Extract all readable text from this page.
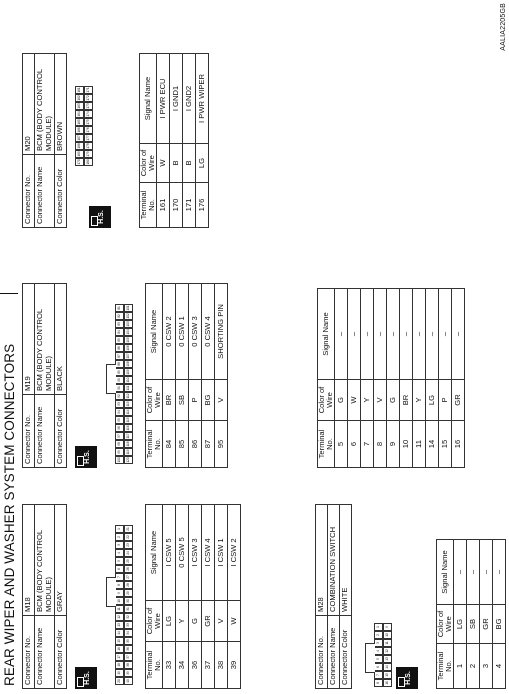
REAR WIPER AND WASHER SYSTEM CONNECTORS Connector No.	M18
Connector Name	BCM (BODY CONTROL MODULE)
Connector Color	GRAY
H.S.	20
19
18
17
16
15
14
13
12
11
10
9
8
7
6
5
4
3
2
1
40
39
38
37
36
35
34
33
32
31
30
29
28
27
26
25
24
23
22
21
Terminal No.	Color of Wire	Signal Name
33	LG	I CSW 5
34	Y	0 CSW 5
36	G	I CSW 3
37	GR	I CSW 4
38	V	I CSW 1
39	W	I CSW 2
Connector No.	M19
Connector Name	BCM (BODY CONTROL MODULE)
Connector Color	BLACK
H.S.	100
99
98
97
96
95
94
93
92
91
90
89
88
87
86
85
84
83
82
81
120
119
118
117
116
115
114
113
112
111
110
109
108
107
106
105
104
103
102
101
Terminal No.	Color of Wire	Signal Name
84	BR	0 CSW 2
85	SB	0 CSW 1
86	P	0 CSW 3
87	BG	0 CSW 4
95	V	SHORTING PIN
Connector No.	M20
Connector Name	BCM (BODY CONTROL MODULE)
Connector Color	BROWN
H.S.
170
169
168
167
166
165
164
163
162
161
180
179
178
177
176
175
174
173
172
171
Terminal No.	Color of Wire	Signal Name
161	W	I PWR ECU
170	B	I GND1
171	B	I GND2
176	LG	I PWR WIPER
Connector No.	M28
Connector Name	COMBINATION SWITCH
Connector Color	WHITE
H.S.
8
7
6
5
4
3
2
1
16
15
14
13
12
11
10
9
Terminal No.	Color of Wire	Signal Name
1	LG	–
2	SB	–
3	GR	–
4	BG	–
Terminal No.	Color of Wire	Signal Name
5	G	–
6	W	–
7	Y	–
8	V	–
9	G	–
10	BR	–
11	Y	–
14	LG	–
15	P	–
16	GR	–
AALIA2205GB
